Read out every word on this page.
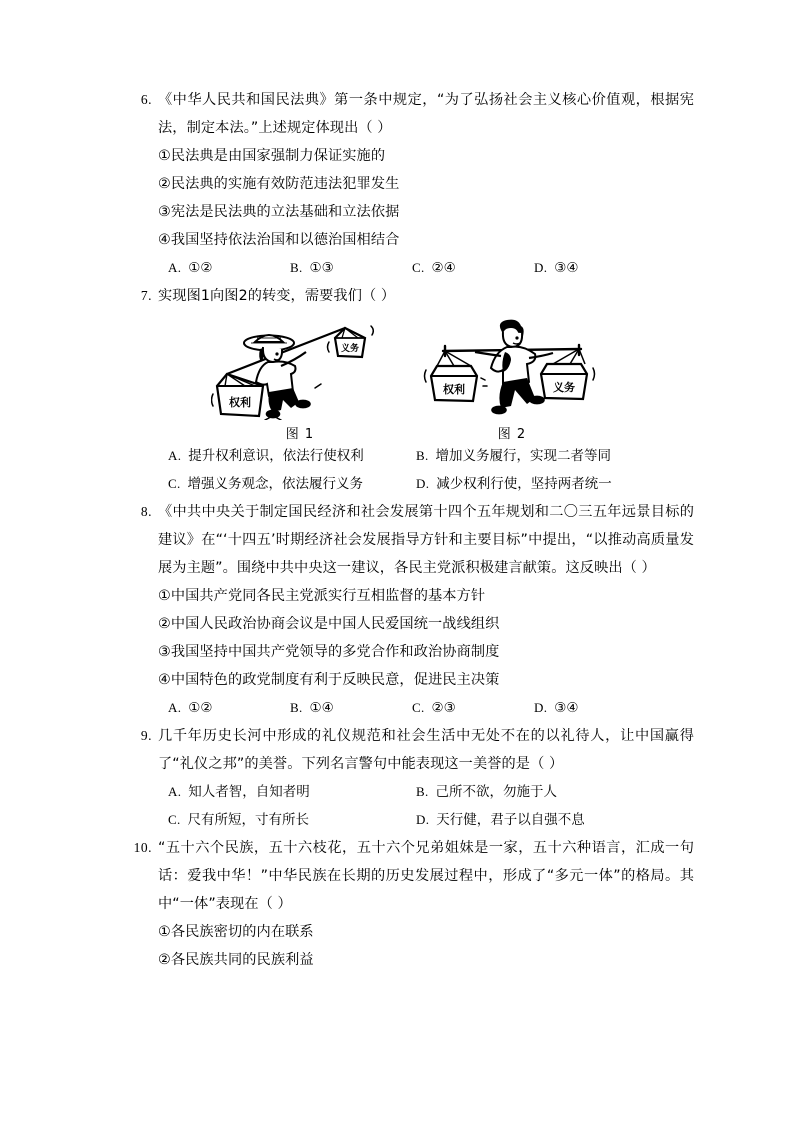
6. 《中华人民共和国民法典》第一条中规定，“为了弘扬社会主义核心价值观，根据宪法，制定本法。”上述规定体现出（ ）
①民法典是由国家强制力保证实施的
②民法典的实施有效防范违法犯罪发生
③宪法是民法典的立法基础和立法依据
④我国坚持依法治国和以德治国相结合
A. ①②	B. ①③	C. ②④	D. ③④
7. 实现图1向图2的转变，需要我们（ ）
权利
义务
图 1
权利	义务
图 2
A. 提升权利意识，依法行使权利	B. 增加义务履行，实现二者等同
C. 增强义务观念，依法履行义务	D. 减少权利行使，坚持两者统一
8. 《中共中央关于制定国民经济和社会发展第十四个五年规划和二〇三五年远景目标的建议》在“‘十四五’时期经济社会发展指导方针和主要目标”中提出，“以推动高质量发展为主题”。围绕中共中央这一建议，各民主党派积极建言献策。这反映出（ ）
①中国共产党同各民主党派实行互相监督的基本方针
②中国人民政治协商会议是中国人民爱国统一战线组织
③我国坚持中国共产党领导的多党合作和政治协商制度
④中国特色的政党制度有利于反映民意，促进民主决策
A. ①②	B. ①④	C. ②③	D. ③④
9. 几千年历史长河中形成的礼仪规范和社会生活中无处不在的以礼待人，让中国赢得了“礼仪之邦”的美誉。下列名言警句中能表现这一美誉的是（ ）
A. 知人者智，自知者明	B. 己所不欲，勿施于人
C. 尺有所短，寸有所长	D. 天行健，君子以自强不息
10. “五十六个民族，五十六枝花，五十六个兄弟姐妹是一家，五十六种语言，汇成一句话：爱我中华！”中华民族在长期的历史发展过程中，形成了“多元一体”的格局。其中“一体”表现在（ ）
①各民族密切的内在联系
②各民族共同的民族利益
